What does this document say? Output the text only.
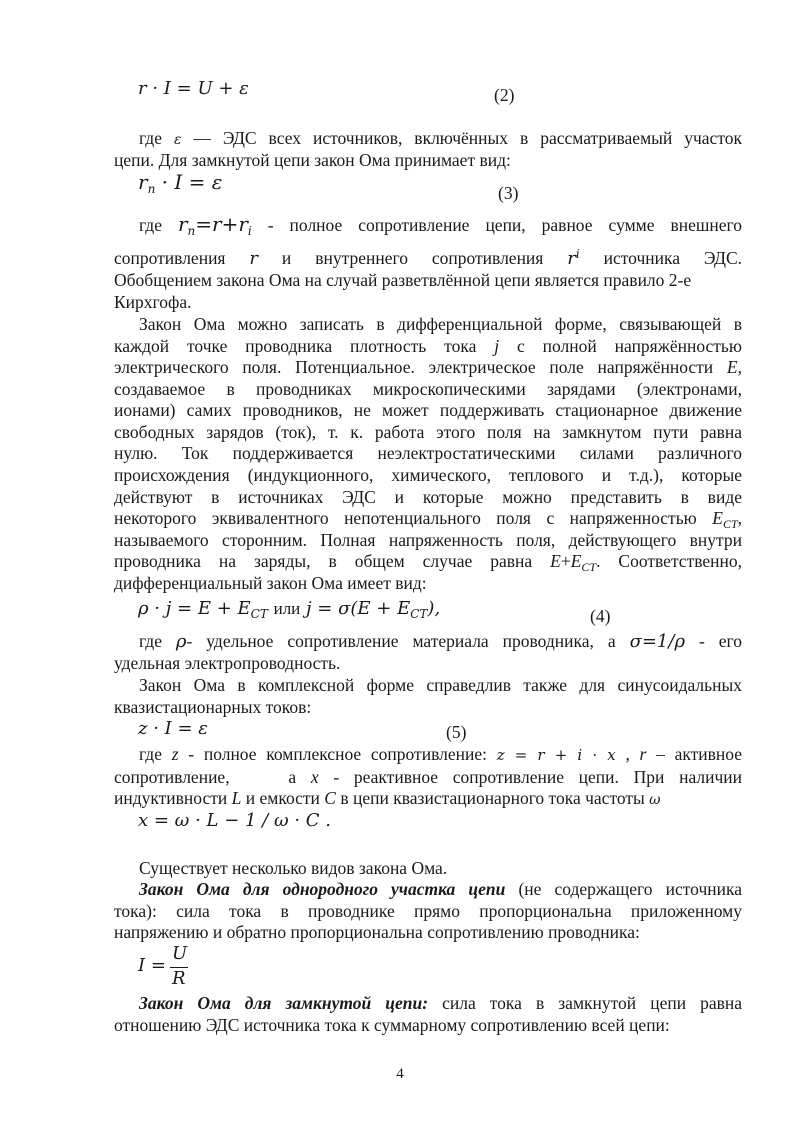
r · I = U + ε	(2)
где ε — ЭДС всех источников, включённых в рассматриваемый участок
цепи. Для замкнутой цепи закон Ома принимает вид:
$r_n \cdot I = \varepsilon$	(3)
где $r_n=r+r_i$ - полное сопротивление цепи, равное сумме внешнего
сопротивления r и внутреннего сопротивления $r^i$ источника ЭДС.
Обобщением закона Ома на случай разветвлённой цепи является правило 2-е
Кирхгофа.
Закон Ома можно записать в дифференциальной форме, связывающей в
каждой точке проводника плотность тока j с полной напряжённостью
электрического поля. Потенциальное. электрическое поле напряжённости E,
создаваемое в проводниках микроскопическими зарядами (электронами,
ионами) самих проводников, не может поддерживать стационарное движение
свободных зарядов (ток), т. к. работа этого поля на замкнутом пути равна
нулю. Ток поддерживается неэлектростатическими силами различного
происхождения (индукционного, химического, теплового и т.д.), которые
действуют в источниках ЭДС и которые можно представить в виде
некоторого эквивалентного непотенциального поля с напряженностью $E_{CT}$,
называемого сторонним. Полная напряженность поля, действующего внутри
проводника на заряды, в общем случае равна $E+E_{CT}$. Соответственно,
дифференциальный закон Ома имеет вид:
$\rho \cdot j = E + E_{CT}$ или $j = \sigma(E + E_{CT})$,	(4)
где ρ- удельное сопротивление материала проводника, а σ=1/ρ - его
удельная электропроводность.
Закон Ома в комплексной форме справедлив также для синусоидальных
квазистационарных токов:
z · I = ε	(5)
где z - полное комплексное сопротивление: z = r + i · x , r – активное
сопротивление,    а x - реактивное сопротивление цепи. При наличии
индуктивности L и емкости C в цепи квазистационарного тока частоты ω
x = ω · L − 1 / ω · C .
Существует несколько видов закона Ома.
Закон Ома для однородного участка цепи (не содержащего источника
тока): сила тока в проводнике прямо пропорциональна приложенному
напряжению и обратно пропорциональна сопротивлению проводника:
I =
U
R
Закон Ома для замкнутой цепи: сила тока в замкнутой цепи равна
отношению ЭДС источника тока к суммарному сопротивлению всей цепи:
4
